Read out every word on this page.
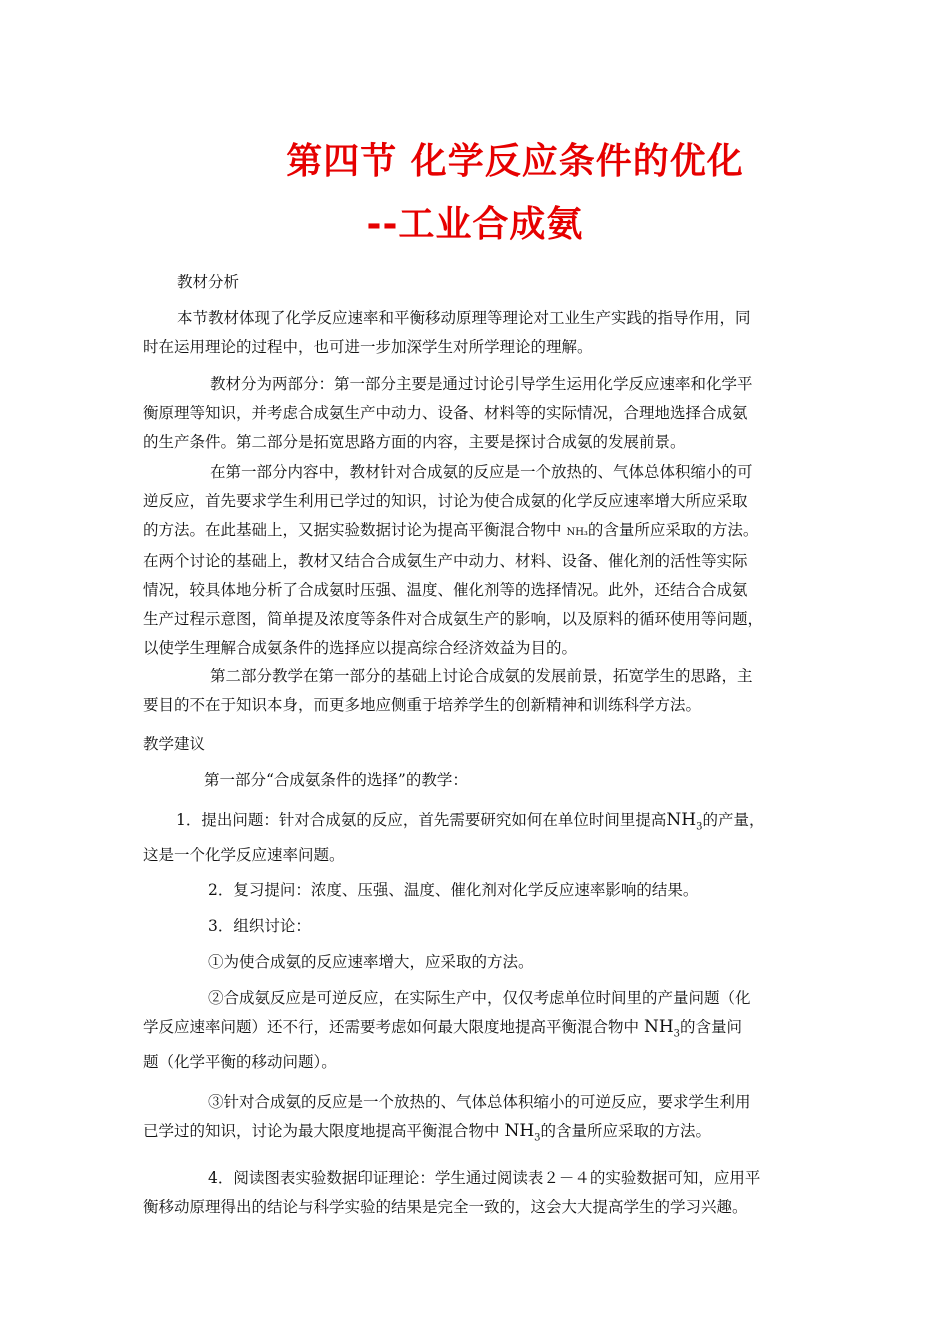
第四节 化学反应条件的优化
--工业合成氨
教材分析
本节教材体现了化学反应速率和平衡移动原理等理论对工业生产实践的指导作用，同
时在运用理论的过程中，也可进一步加深学生对所学理论的理解。
教材分为两部分：第一部分主要是通过讨论引导学生运用化学反应速率和化学平
衡原理等知识，并考虑合成氨生产中动力、设备、材料等的实际情况，合理地选择合成氨
的生产条件。第二部分是拓宽思路方面的内容，主要是探讨合成氨的发展前景。
在第一部分内容中，教材针对合成氨的反应是一个放热的、气体总体积缩小的可
逆反应，首先要求学生利用已学过的知识，讨论为使合成氨的化学反应速率增大所应采取
的方法。在此基础上，又据实验数据讨论为提高平衡混合物中 NH₃的含量所应采取的方法。
在两个讨论的基础上，教材又结合合成氨生产中动力、材料、设备、催化剂的活性等实际
情况，较具体地分析了合成氨时压强、温度、催化剂等的选择情况。此外，还结合合成氨
生产过程示意图，简单提及浓度等条件对合成氨生产的影响，以及原料的循环使用等问题，
以使学生理解合成氨条件的选择应以提高综合经济效益为目的。
第二部分教学在第一部分的基础上讨论合成氨的发展前景，拓宽学生的思路，主
要目的不在于知识本身，而更多地应侧重于培养学生的创新精神和训练科学方法。
教学建议
第一部分“合成氨条件的选择”的教学：
1．提出问题：针对合成氨的反应，首先需要研究如何在单位时间里提高$NH_3$的产量，
这是一个化学反应速率问题。
2．复习提问：浓度、压强、温度、催化剂对化学反应速率影响的结果。
3．组织讨论：
①为使合成氨的反应速率增大，应采取的方法。
②合成氨反应是可逆反应，在实际生产中，仅仅考虑单位时间里的产量问题（化
学反应速率问题）还不行，还需要考虑如何最大限度地提高平衡混合物中 $NH_3$的含量问
题（化学平衡的移动问题）。
③针对合成氨的反应是一个放热的、气体总体积缩小的可逆反应，要求学生利用
已学过的知识，讨论为最大限度地提高平衡混合物中 $NH_3$的含量所应采取的方法。
4．阅读图表实验数据印证理论：学生通过阅读表２－４的实验数据可知，应用平
衡移动原理得出的结论与科学实验的结果是完全一致的，这会大大提高学生的学习兴趣。
